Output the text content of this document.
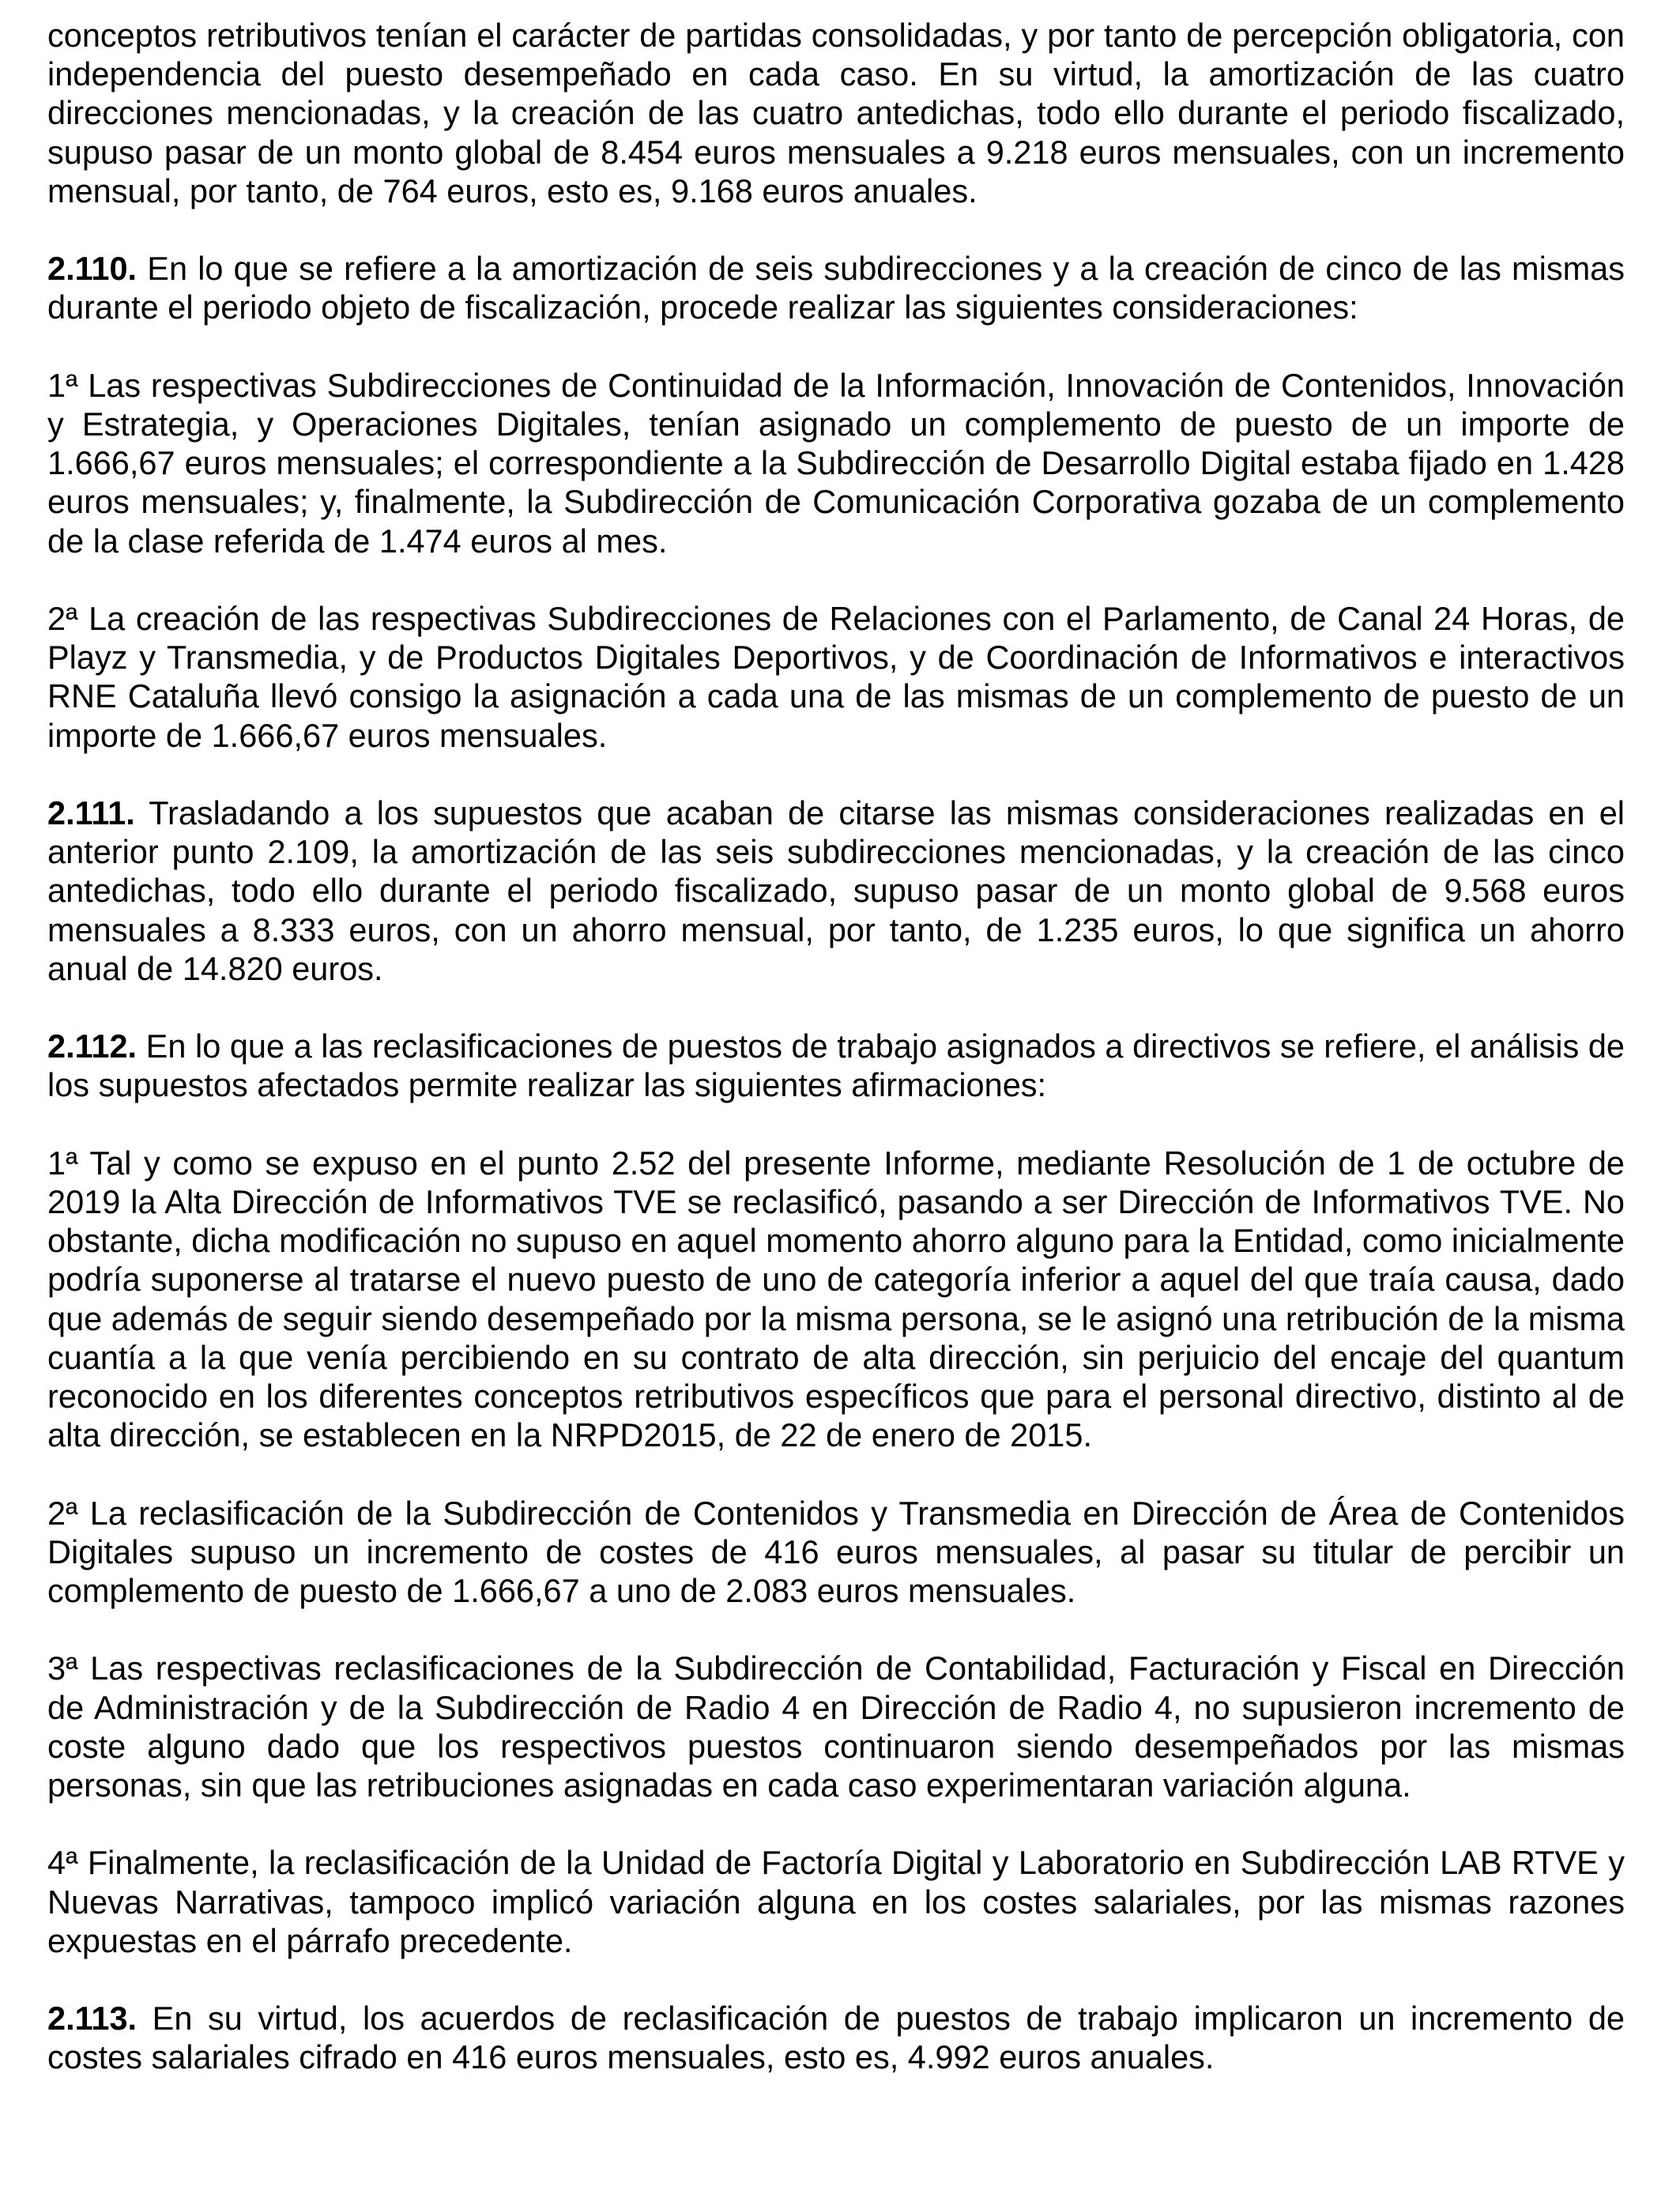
conceptos retributivos tenían el carácter de partidas consolidadas, y por tanto de percepción obligatoria, con independencia del puesto desempeñado en cada caso. En su virtud, la amortización de las cuatro direcciones mencionadas, y la creación de las cuatro antedichas, todo ello durante el periodo fiscalizado, supuso pasar de un monto global de 8.454 euros mensuales a 9.218 euros mensuales, con un incremento mensual, por tanto, de 764 euros, esto es, 9.168 euros anuales.

2.110. En lo que se refiere a la amortización de seis subdirecciones y a la creación de cinco de las mismas durante el periodo objeto de fiscalización, procede realizar las siguientes consideraciones:

1ª Las respectivas Subdirecciones de Continuidad de la Información, Innovación de Contenidos, Innovación y Estrategia, y Operaciones Digitales, tenían asignado un complemento de puesto de un importe de 1.666,67 euros mensuales; el correspondiente a la Subdirección de Desarrollo Digital estaba fijado en 1.428 euros mensuales; y, finalmente, la Subdirección de Comunicación Corporativa gozaba de un complemento de la clase referida de 1.474 euros al mes.

2ª La creación de las respectivas Subdirecciones de Relaciones con el Parlamento, de Canal 24 Horas, de Playz y Transmedia, y de Productos Digitales Deportivos, y de Coordinación de Informativos e interactivos RNE Cataluña llevó consigo la asignación a cada una de las mismas de un complemento de puesto de un importe de 1.666,67 euros mensuales.

2.111. Trasladando a los supuestos que acaban de citarse las mismas consideraciones realizadas en el anterior punto 2.109, la amortización de las seis subdirecciones mencionadas, y la creación de las cinco antedichas, todo ello durante el periodo fiscalizado, supuso pasar de un monto global de 9.568 euros mensuales a 8.333 euros, con un ahorro mensual, por tanto, de 1.235 euros, lo que significa un ahorro anual de 14.820 euros.

2.112. En lo que a las reclasificaciones de puestos de trabajo asignados a directivos se refiere, el análisis de los supuestos afectados permite realizar las siguientes afirmaciones:

1ª Tal y como se expuso en el punto 2.52 del presente Informe, mediante Resolución de 1 de octubre de 2019 la Alta Dirección de Informativos TVE se reclasificó, pasando a ser Dirección de Informativos TVE. No obstante, dicha modificación no supuso en aquel momento ahorro alguno para la Entidad, como inicialmente podría suponerse al tratarse el nuevo puesto de uno de categoría inferior a aquel del que traía causa, dado que además de seguir siendo desempeñado por la misma persona, se le asignó una retribución de la misma cuantía a la que venía percibiendo en su contrato de alta dirección, sin perjuicio del encaje del quantum reconocido en los diferentes conceptos retributivos específicos que para el personal directivo, distinto al de alta dirección, se establecen en la NRPD2015, de 22 de enero de 2015.

2ª La reclasificación de la Subdirección de Contenidos y Transmedia en Dirección de Área de Contenidos Digitales supuso un incremento de costes de 416 euros mensuales, al pasar su titular de percibir un complemento de puesto de 1.666,67 a uno de 2.083 euros mensuales.

3ª Las respectivas reclasificaciones de la Subdirección de Contabilidad, Facturación y Fiscal en Dirección de Administración y de la Subdirección de Radio 4 en Dirección de Radio 4, no supusieron incremento de coste alguno dado que los respectivos puestos continuaron siendo desempeñados por las mismas personas, sin que las retribuciones asignadas en cada caso experimentaran variación alguna.

4ª Finalmente, la reclasificación de la Unidad de Factoría Digital y Laboratorio en Subdirección LAB RTVE y Nuevas Narrativas, tampoco implicó variación alguna en los costes salariales, por las mismas razones expuestas en el párrafo precedente.

2.113. En su virtud, los acuerdos de reclasificación de puestos de trabajo implicaron un incremento de costes salariales cifrado en 416 euros mensuales, esto es, 4.992 euros anuales.
